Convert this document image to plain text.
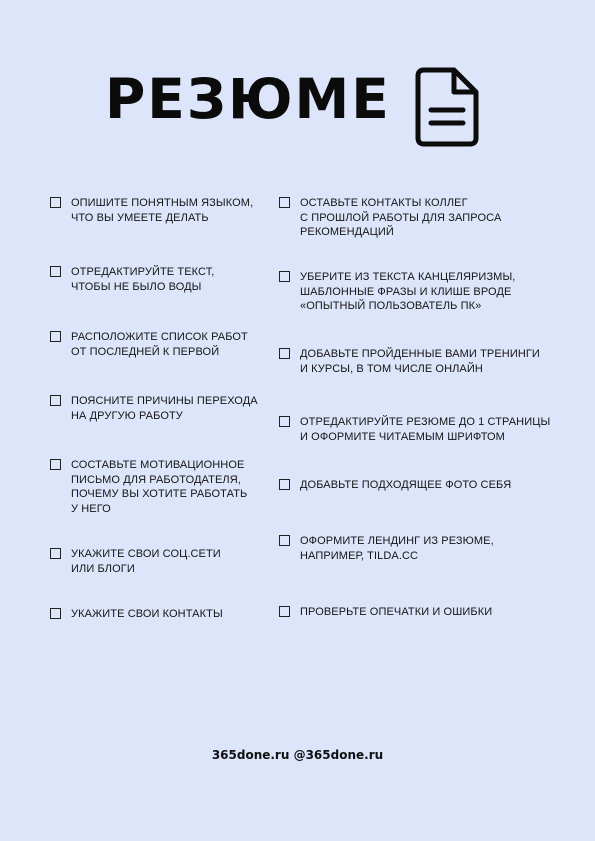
РЕЗЮМЕ
ОПИШИТЕ ПОНЯТНЫМ ЯЗЫКОМ,
ЧТО ВЫ УМЕЕТЕ ДЕЛАТЬ
ОТРЕДАКТИРУЙТЕ ТЕКСТ,
ЧТОБЫ НЕ БЫЛО ВОДЫ
РАСПОЛОЖИТЕ СПИСОК РАБОТ
ОТ ПОСЛЕДНЕЙ К ПЕРВОЙ
ПОЯСНИТЕ ПРИЧИНЫ ПЕРЕХОДА
НА ДРУГУЮ РАБОТУ
СОСТАВЬТЕ МОТИВАЦИОННОЕ
ПИСЬМО ДЛЯ РАБОТОДАТЕЛЯ,
ПОЧЕМУ ВЫ ХОТИТЕ РАБОТАТЬ
У НЕГО
УКАЖИТЕ СВОИ СОЦ.СЕТИ
ИЛИ БЛОГИ
УКАЖИТЕ СВОИ КОНТАКТЫ
ОСТАВЬТЕ КОНТАКТЫ КОЛЛЕГ
С ПРОШЛОЙ РАБОТЫ ДЛЯ ЗАПРОСА
РЕКОМЕНДАЦИЙ
УБЕРИТЕ ИЗ ТЕКСТА КАНЦЕЛЯРИЗМЫ,
ШАБЛОННЫЕ ФРАЗЫ И КЛИШЕ ВРОДЕ
«ОПЫТНЫЙ ПОЛЬЗОВАТЕЛЬ ПК»
ДОБАВЬТЕ ПРОЙДЕННЫЕ ВАМИ ТРЕНИНГИ
И КУРСЫ, В ТОМ ЧИСЛЕ ОНЛАЙН
ОТРЕДАКТИРУЙТЕ РЕЗЮМЕ ДО 1 СТРАНИЦЫ
И ОФОРМИТЕ ЧИТАЕМЫМ ШРИФТОМ
ДОБАВЬТЕ ПОДХОДЯЩЕЕ ФОТО СЕБЯ
ОФОРМИТЕ ЛЕНДИНГ ИЗ РЕЗЮМЕ,
НАПРИМЕР, TILDA.CC
ПРОВЕРЬТЕ ОПЕЧАТКИ И ОШИБКИ
365done.ru @365done.ru
